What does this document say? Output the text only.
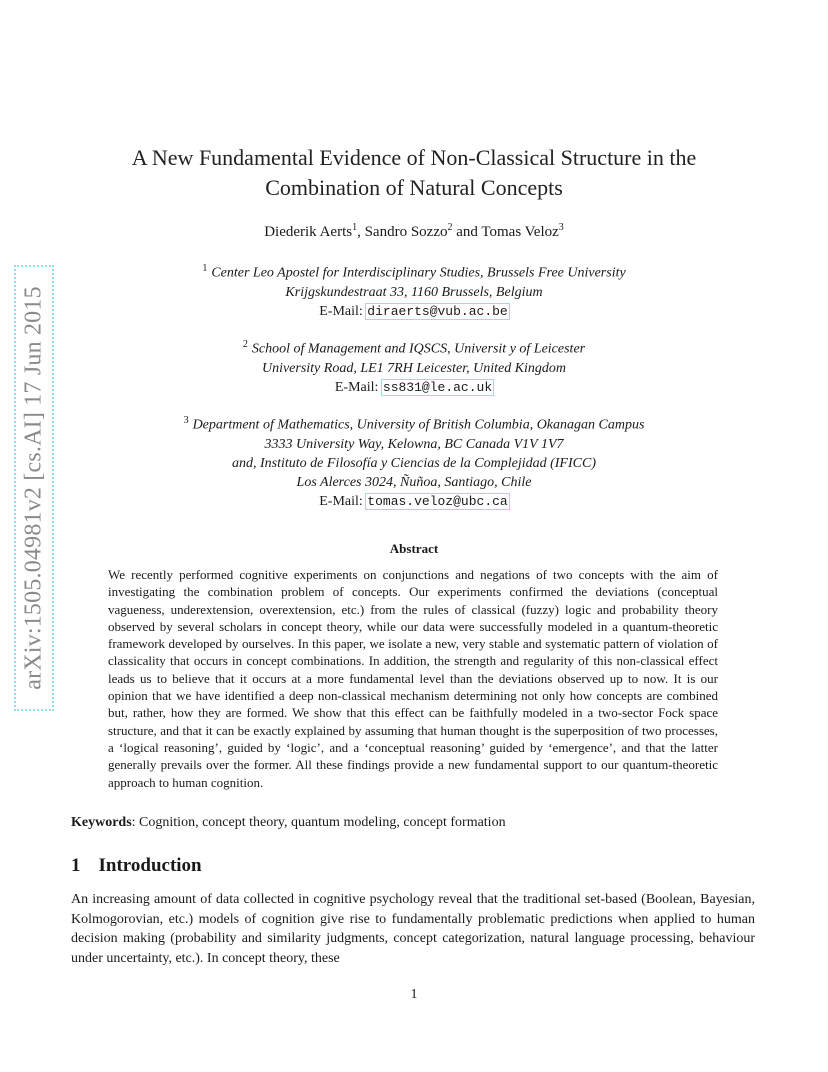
arXiv:1505.04981v2 [cs.AI] 17 Jun 2015
A New Fundamental Evidence of Non-Classical Structure in the
Combination of Natural Concepts
Diederik Aerts$^1$, Sandro Sozzo$^2$ and Tomas Veloz$^3$
$^1$ Center Leo Apostel for Interdisciplinary Studies, Brussels Free University
Krijgskundestraat 33, 1160 Brussels, Belgium
E-Mail: diraerts@vub.ac.be
$^2$ School of Management and IQSCS, Universit y of Leicester
University Road, LE1 7RH Leicester, United Kingdom
E-Mail: ss831@le.ac.uk
$^3$ Department of Mathematics, University of British Columbia, Okanagan Campus
3333 University Way, Kelowna, BC Canada V1V 1V7
and, Instituto de Filosofía y Ciencias de la Complejidad (IFICC)
Los Alerces 3024, Ñuñoa, Santiago, Chile
E-Mail: tomas.veloz@ubc.ca
Abstract
We recently performed cognitive experiments on conjunctions and negations of two concepts with the aim of investigating the combination problem of concepts. Our experiments confirmed the deviations (conceptual vagueness, underextension, overextension, etc.) from the rules of classical (fuzzy) logic and probability theory observed by several scholars in concept theory, while our data were successfully modeled in a quantum-theoretic framework developed by ourselves. In this paper, we isolate a new, very stable and systematic pattern of violation of classicality that occurs in concept combinations. In addition, the strength and regularity of this non-classical effect leads us to believe that it occurs at a more fundamental level than the deviations observed up to now. It is our opinion that we have identified a deep non-classical mechanism determining not only how concepts are combined but, rather, how they are formed. We show that this effect can be faithfully modeled in a two-sector Fock space structure, and that it can be exactly explained by assuming that human thought is the superposition of two processes, a ‘logical reasoning’, guided by ‘logic’, and a ‘conceptual reasoning’ guided by ‘emergence’, and that the latter generally prevails over the former. All these findings provide a new fundamental support to our quantum-theoretic approach to human cognition.
Keywords: Cognition, concept theory, quantum modeling, concept formation
1 Introduction
An increasing amount of data collected in cognitive psychology reveal that the traditional set-based (Boolean, Bayesian, Kolmogorovian, etc.) models of cognition give rise to fundamentally problematic predictions when applied to human decision making (probability and similarity judgments, concept categorization, natural language processing, behaviour under uncertainty, etc.). In concept theory, these
1
